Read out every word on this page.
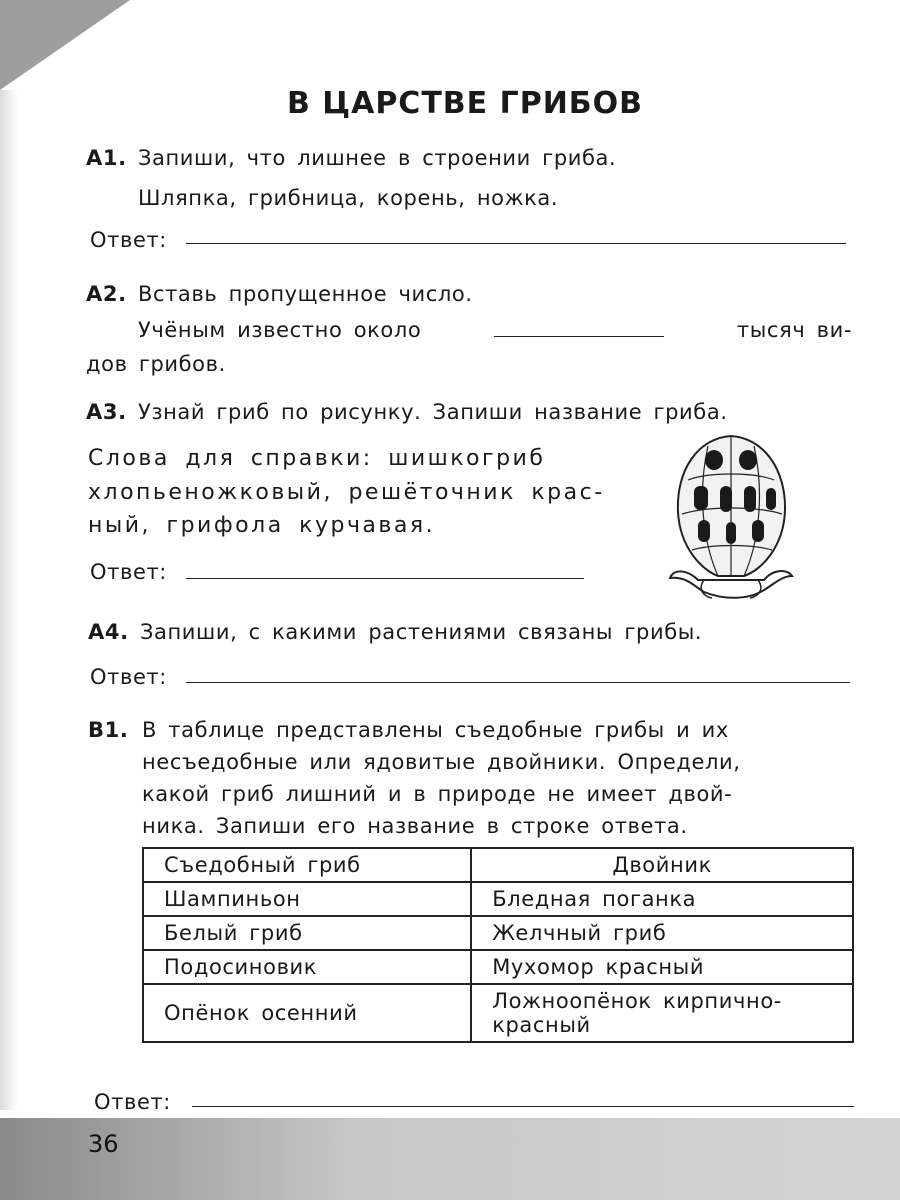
36
В ЦАРСТВЕ ГРИБОВ
А1. Запиши, что лишнее в строении гриба.
Шляпка, грибница, корень, ножка.
Ответ:
А2. Вставь пропущенное число.
Учёным известно около	тысяч ви-
дов грибов.
А3. Узнай гриб по рисунку. Запиши название гриба.
Слова для справки: шишкогриб
хлопьеножковый, решёточник крас-
ный, грифола курчавая.
Ответ:
А4. Запиши, с какими растениями связаны грибы.
Ответ:
В1. В таблице представлены съедобные грибы и их
несъедобные или ядовитые двойники. Определи,
какой гриб лишний и в природе не имеет двой-
ника. Запиши его название в строке ответа.
Съедобный гриб	Двойник
Шампиньон	Бледная поганка
Белый гриб	Желчный гриб
Подосиновик	Мухомор красный
Опёнок осенний	Ложноопёнок кирпично-красный
Ответ:
